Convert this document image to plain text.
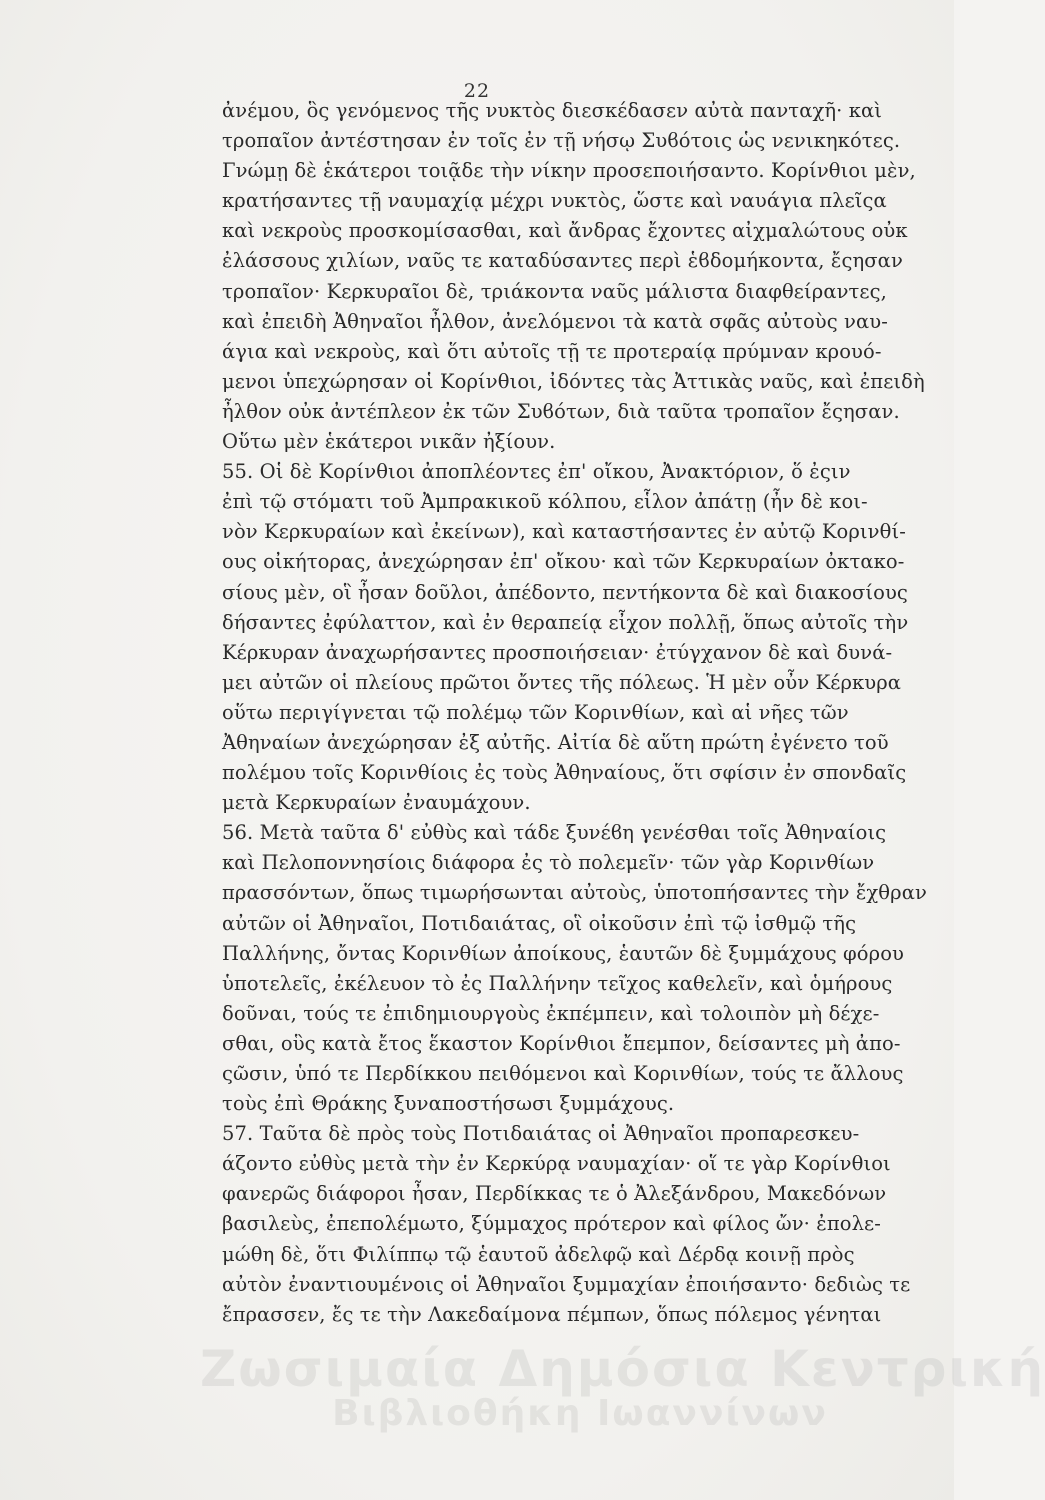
22
ἀνέμου, ὃς γενόμενος τῆς νυκτὸς διεσκέδασεν αὐτὰ πανταχῆ· καὶ
τροπαῖον ἀντέστησαν ἐν τοῖς ἐν τῇ νήσῳ Συϐότοις ὡς νενικηκότες.
Γνώμῃ δὲ ἑκάτεροι τοιᾷδε τὴν νίκην προσεποιήσαντο. Κορίνθιοι μὲν,
κρατήσαντες τῇ ναυμαχίᾳ μέχρι νυκτὸς, ὥστε καὶ ναυάγια πλεῖςα
καὶ νεκροὺς προσκομίσασθαι, καὶ ἄνδρας ἔχοντες αἰχμαλώτους οὐκ
ἐλάσσους χιλίων, ναῦς τε καταδύσαντες περὶ ἑϐδομήκοντα, ἔςησαν
τροπαῖον· Κερκυραῖοι δὲ, τριάκοντα ναῦς μάλιστα διαφθείραντες,
καὶ ἐπειδὴ Ἀθηναῖοι ἦλθον, ἀνελόμενοι τὰ κατὰ σφᾶς αὐτοὺς ναυ-
άγια καὶ νεκροὺς, καὶ ὅτι αὐτοῖς τῇ τε προτεραίᾳ πρύμναν κρουό-
μενοι ὑπεχώρησαν οἱ Κορίνθιοι, ἰδόντες τὰς Ἀττικὰς ναῦς, καὶ ἐπειδὴ
ἦλθον οὐκ ἀντέπλεον ἐκ τῶν Συϐότων, διὰ ταῦτα τροπαῖον ἔςησαν.
Οὕτω μὲν ἑκάτεροι νικᾶν ἠξίουν.
55. Οἱ δὲ Κορίνθιοι ἀποπλέοντες ἐπ' οἴκου, Ἀνακτόριον, ὅ ἐςιν
ἐπὶ τῷ στόματι τοῦ Ἀμπρακικοῦ κόλπου, εἷλον ἀπάτῃ (ἦν δὲ κοι-
νὸν Κερκυραίων καὶ ἐκείνων), καὶ καταστήσαντες ἐν αὐτῷ Κορινθί-
ους οἰκήτορας, ἀνεχώρησαν ἐπ' οἴκου· καὶ τῶν Κερκυραίων ὀκτακο-
σίους μὲν, οἳ ἦσαν δοῦλοι, ἀπέδοντο, πεντήκοντα δὲ καὶ διακοσίους
δήσαντες ἐφύλαττον, καὶ ἐν θεραπείᾳ εἶχον πολλῇ, ὅπως αὐτοῖς τὴν
Κέρκυραν ἀναχωρήσαντες προσποιήσειαν· ἐτύγχανον δὲ καὶ δυνά-
μει αὐτῶν οἱ πλείους πρῶτοι ὄντες τῆς πόλεως. Ἡ μὲν οὖν Κέρκυρα
οὕτω περιγίγνεται τῷ πολέμῳ τῶν Κορινθίων, καὶ αἱ νῆες τῶν
Ἀθηναίων ἀνεχώρησαν ἐξ αὐτῆς. Αἰτία δὲ αὕτη πρώτη ἐγένετο τοῦ
πολέμου τοῖς Κορινθίοις ἐς τοὺς Ἀθηναίους, ὅτι σφίσιν ἐν σπονδαῖς
μετὰ Κερκυραίων ἐναυμάχουν.
56. Μετὰ ταῦτα δ' εὐθὺς καὶ τάδε ξυνέϐη γενέσθαι τοῖς Ἀθηναίοις
καὶ Πελοποννησίοις διάφορα ἐς τὸ πολεμεῖν· τῶν γὰρ Κορινθίων
πρασσόντων, ὅπως τιμωρήσωνται αὐτοὺς, ὑποτοπήσαντες τὴν ἔχθραν
αὐτῶν οἱ Ἀθηναῖοι, Ποτιδαιάτας, οἳ οἰκοῦσιν ἐπὶ τῷ ἰσθμῷ τῆς
Παλλήνης, ὄντας Κορινθίων ἀποίκους, ἑαυτῶν δὲ ξυμμάχους φόρου
ὑποτελεῖς, ἐκέλευον τὸ ἐς Παλλήνην τεῖχος καθελεῖν, καὶ ὁμήρους
δοῦναι, τούς τε ἐπιδημιουργοὺς ἐκπέμπειν, καὶ τολοιπὸν μὴ δέχε-
σθαι, οὓς κατὰ ἔτος ἕκαστον Κορίνθιοι ἔπεμπον, δείσαντες μὴ ἀπο-
ςῶσιν, ὑπό τε Περδίκκου πειθόμενοι καὶ Κορινθίων, τούς τε ἄλλους
τοὺς ἐπὶ Θράκης ξυναποστήσωσι ξυμμάχους.
57. Ταῦτα δὲ πρὸς τοὺς Ποτιδαιάτας οἱ Ἀθηναῖοι προπαρεσκευ-
άζοντο εὐθὺς μετὰ τὴν ἐν Κερκύρᾳ ναυμαχίαν· οἵ τε γὰρ Κορίνθιοι
φανερῶς διάφοροι ἦσαν, Περδίκκας τε ὁ Ἀλεξάνδρου, Μακεδόνων
βασιλεὺς, ἐπεπολέμωτο, ξύμμαχος πρότερον καὶ φίλος ὤν· ἐπολε-
μώθη δὲ, ὅτι Φιλίππῳ τῷ ἑαυτοῦ ἀδελφῷ καὶ Δέρδᾳ κοινῇ πρὸς
αὐτὸν ἐναντιουμένοις οἱ Ἀθηναῖοι ξυμμαχίαν ἐποιήσαντο· δεδιὼς τε
ἔπρασσεν, ἔς τε τὴν Λακεδαίμονα πέμπων, ὅπως πόλεμος γένηται
Ζωσιμαία Δημόσια Κεντρική
Βιβλιοθήκη Ιωαννίνων
